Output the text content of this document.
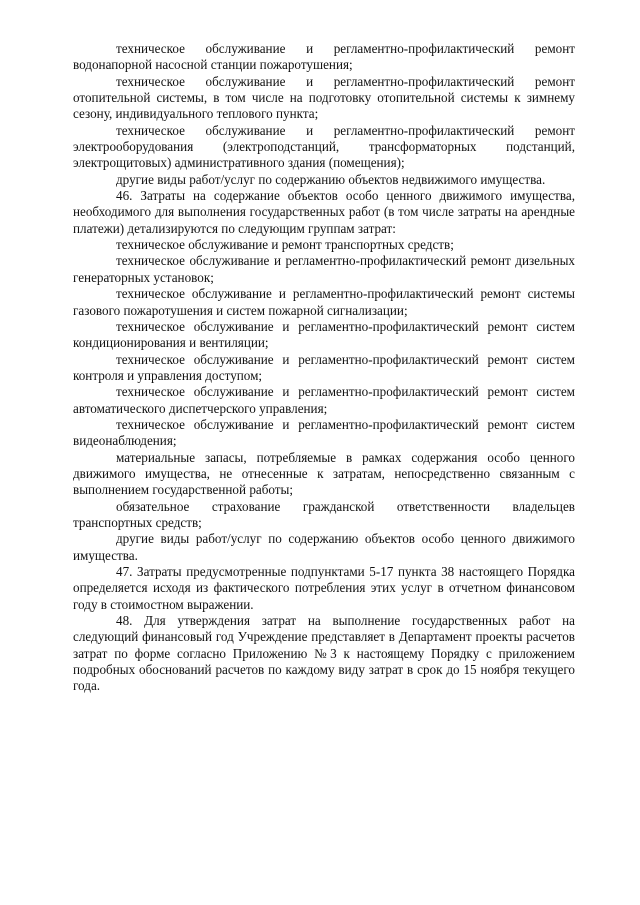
техническое обслуживание и регламентно-профилактический ремонт водонапорной насосной станции пожаротушения;

техническое обслуживание и регламентно-профилактический ремонт отопительной системы, в том числе на подготовку отопительной системы к зимнему сезону, индивидуального теплового пункта;

техническое обслуживание и регламентно-профилактический ремонт электрооборудования (электроподстанций, трансформаторных подстанций, электрощитовых) административного здания (помещения);

другие виды работ/услуг по содержанию объектов недвижимого имущества.

46. Затраты на содержание объектов особо ценного движимого имущества, необходимого для выполнения государственных работ (в том числе затраты на арендные платежи) детализируются по следующим группам затрат:

техническое обслуживание и ремонт транспортных средств;

техническое обслуживание и регламентно-профилактический ремонт дизельных генераторных установок;

техническое обслуживание и регламентно-профилактический ремонт системы газового пожаротушения и систем пожарной сигнализации;

техническое обслуживание и регламентно-профилактический ремонт систем кондиционирования и вентиляции;

техническое обслуживание и регламентно-профилактический ремонт систем контроля и управления доступом;

техническое обслуживание и регламентно-профилактический ремонт систем автоматического диспетчерского управления;

техническое обслуживание и регламентно-профилактический ремонт систем видеонаблюдения;

материальные запасы, потребляемые в рамках содержания особо ценного движимого имущества, не отнесенные к затратам, непосредственно связанным с выполнением государственной работы;

обязательное страхование гражданской ответственности владельцев транспортных средств;

другие виды работ/услуг по содержанию объектов особо ценного движимого имущества.

47. Затраты предусмотренные подпунктами 5-17 пункта 38 настоящего Порядка определяется исходя из фактического потребления этих услуг в отчетном финансовом году в стоимостном выражении.

48. Для утверждения затрат на выполнение государственных работ на следующий финансовый год Учреждение представляет в Департамент проекты расчетов затрат по форме согласно Приложению №3 к настоящему Порядку с приложением подробных обоснований расчетов по каждому виду затрат в срок до 15 ноября текущего года.
